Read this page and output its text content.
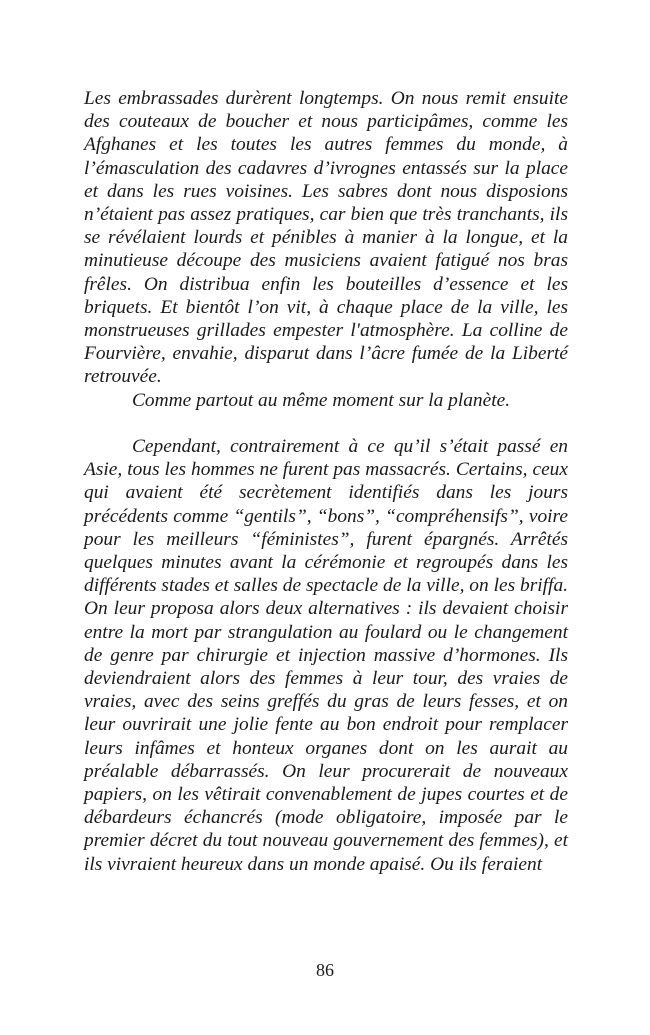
Les embrassades durèrent longtemps. On nous remit ensuite des couteaux de boucher et nous participâmes, comme les Afghanes et les toutes les autres femmes du monde, à l’émasculation des cadavres d’ivrognes entassés sur la place et dans les rues voisines. Les sabres dont nous disposions n’étaient pas assez pratiques, car bien que très tranchants, ils se révélaient lourds et pénibles à manier à la longue, et la minutieuse découpe des musiciens avaient fatigué nos bras frêles. On distribua enfin les bouteilles d’essence et les briquets. Et bientôt l’on vit, à chaque place de la ville, les monstrueuses grillades empester l'atmosphère. La colline de Fourvière, envahie, disparut dans l’âcre fumée de la Liberté retrouvée.

Comme partout au même moment sur la planète.

Cependant, contrairement à ce qu’il s’était passé en Asie, tous les hommes ne furent pas massacrés. Certains, ceux qui avaient été secrètement identifiés dans les jours précédents comme “gentils”, “bons”, “compréhensifs”, voire pour les meilleurs “féministes”, furent épargnés. Arrêtés quelques minutes avant la cérémonie et regroupés dans les différents stades et salles de spectacle de la ville, on les briffa. On leur proposa alors deux alternatives : ils devaient choisir entre la mort par strangulation au foulard ou le changement de genre par chirurgie et injection massive d’hormones. Ils deviendraient alors des femmes à leur tour, des vraies de vraies, avec des seins greffés du gras de leurs fesses, et on leur ouvrirait une jolie fente au bon endroit pour remplacer leurs infâmes et honteux organes dont on les aurait au préalable débarrassés. On leur procurerait de nouveaux papiers, on les vêtirait convenablement de jupes courtes et de débardeurs échancrés (mode obligatoire, imposée par le premier décret du tout nouveau gouvernement des femmes), et ils vivraient heureux dans un monde apaisé. Ou ils feraient

86
